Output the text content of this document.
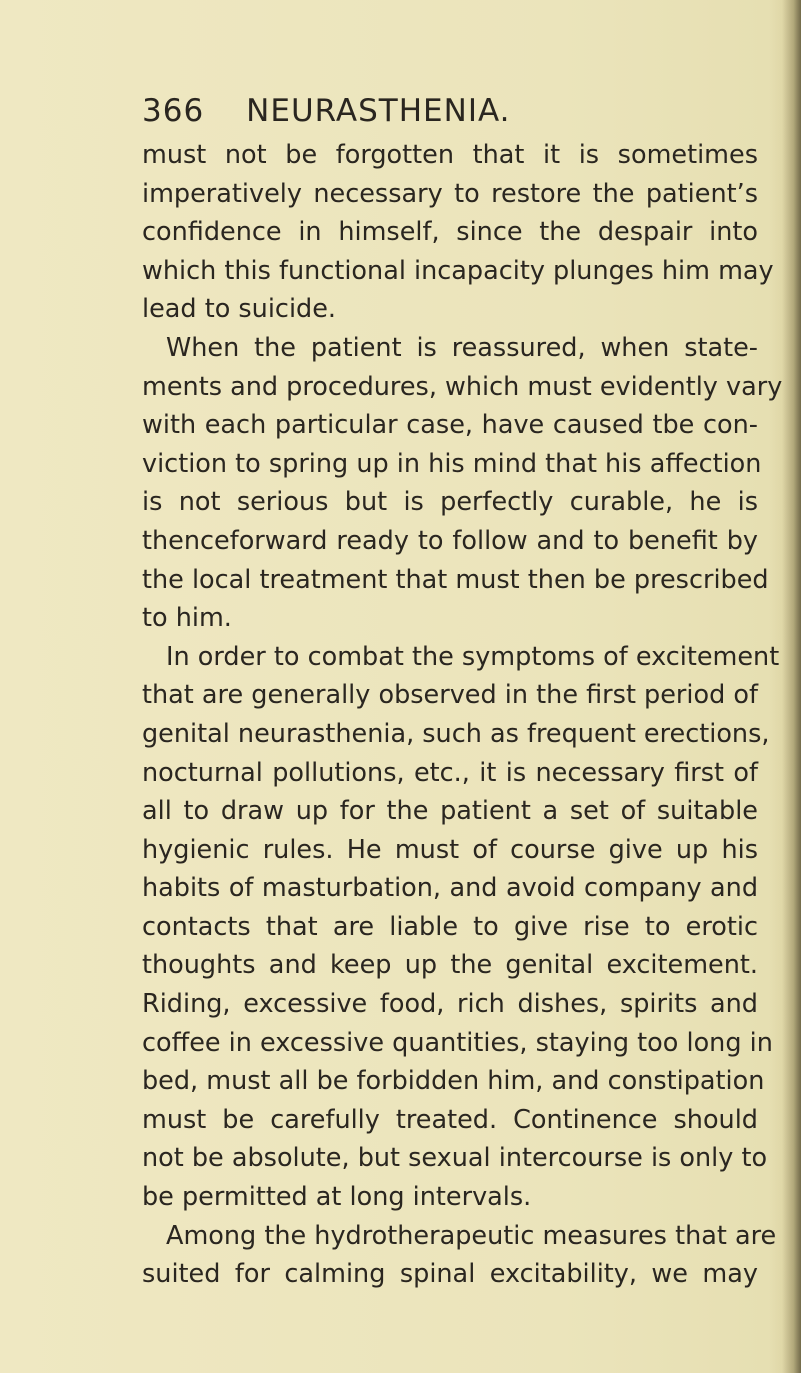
366 NEURASTHENIA.
must not be forgotten that it is sometimes
imperatively necessary to restore the patient’s
confidence in himself, since the despair into
which this functional incapacity plunges him may
lead to suicide.
When the patient is reassured, when state-
ments and procedures, which must evidently vary
with each particular case, have caused tbe con-
viction to spring up in his mind that his affection
is not serious but is perfectly curable, he is
thenceforward ready to follow and to benefit by
the local treatment that must then be prescribed
to him.
In order to combat the symptoms of excitement
that are generally observed in the first period of
genital neurasthenia, such as frequent erections,
nocturnal pollutions, etc., it is necessary first of
all to draw up for the patient a set of suitable
hygienic rules. He must of course give up his
habits of masturbation, and avoid company and
contacts that are liable to give rise to erotic
thoughts and keep up the genital excitement.
Riding, excessive food, rich dishes, spirits and
coffee in excessive quantities, staying too long in
bed, must all be forbidden him, and constipation
must be carefully treated. Continence should
not be absolute, but sexual intercourse is only to
be permitted at long intervals.
Among the hydrotherapeutic measures that are
suited for calming spinal excitability, we may
